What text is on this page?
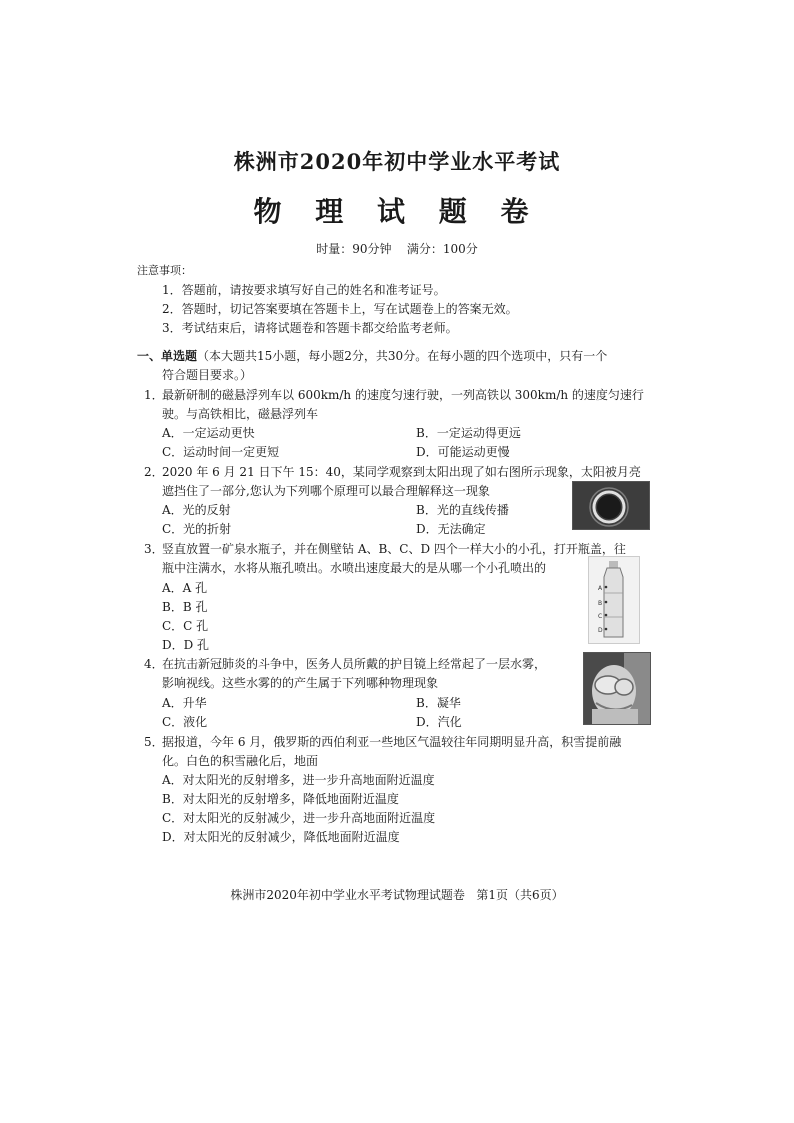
株洲市2020年初中学业水平考试
物 理 试 题 卷
时量：90分钟 满分：100分
注意事项：
1．答题前，请按要求填写好自己的姓名和准考证号。
2．答题时，切记答案要填在答题卡上，写在试题卷上的答案无效。
3．考试结束后，请将试题卷和答题卡都交给监考老师。
一、单选题（本大题共15小题，每小题2分，共30分。在每小题的四个选项中，只有一个
符合题目要求。）
1．
最新研制的磁悬浮列车以 600km/h 的速度匀速行驶，一列高铁以 300km/h 的速度匀速行
驶。与高铁相比，磁悬浮列车
A．一定运动更快	B．一定运动得更远
C．运动时间一定更短	D．可能运动更慢
2．
2020 年 6 月 21 日下午 15：40，某同学观察到太阳出现了如右图所示现象，太阳被月亮
遮挡住了一部分,您认为下列哪个原理可以最合理解释这一现象
A．光的反射	B．光的直线传播
C．光的折射	D．无法确定
3．
竖直放置一矿泉水瓶子，并在侧壁钻 A、B、C、D 四个一样大小的小孔，打开瓶盖，往
瓶中注满水，水将从瓶孔喷出。水喷出速度最大的是从哪一个小孔喷出的
A．A 孔
B．B 孔
C．C 孔
D．D 孔
A
B
C
D
4．
在抗击新冠肺炎的斗争中，医务人员所戴的护目镜上经常起了一层水雾，
影响视线。这些水雾的的产生属于下列哪种物理现象
A．升华	B．凝华
C．液化	D．汽化
5．
据报道，今年 6 月，俄罗斯的西伯利亚一些地区气温较往年同期明显升高，积雪提前融
化。白色的积雪融化后，地面
A．对太阳光的反射增多，进一步升高地面附近温度
B．对太阳光的反射增多，降低地面附近温度
C．对太阳光的反射减少，进一步升高地面附近温度
D．对太阳光的反射减少，降低地面附近温度
株洲市2020年初中学业水平考试物理试题卷 第1页（共6页）
